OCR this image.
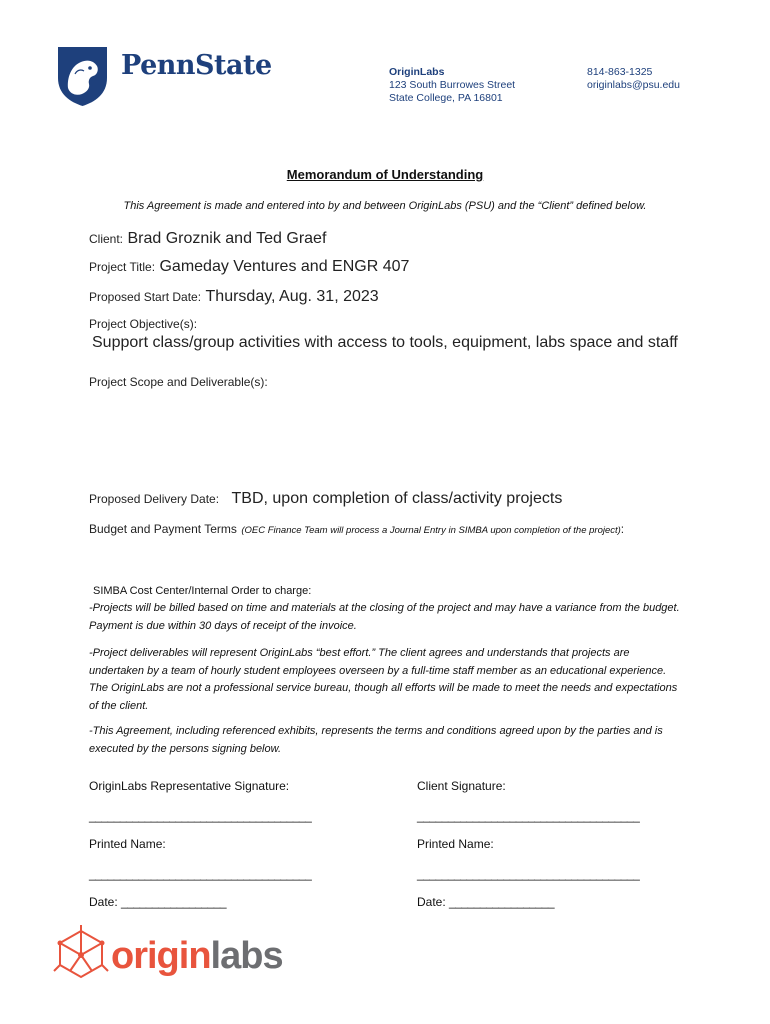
PennState	OriginLabs
123 South Burrowes Street
State College, PA 16801
814-863-1325
originlabs@psu.edu
Memorandum of Understanding
This Agreement is made and entered into by and between OriginLabs (PSU) and the “Client” defined below.
Client: Brad Groznik and Ted Graef
Project Title: Gameday Ventures and ENGR 407
Proposed Start Date: Thursday, Aug. 31, 2023
Project Objective(s):
Support class/group activities with access to tools, equipment, labs space and staff
Project Scope and Deliverable(s):
Proposed Delivery Date: TBD, upon completion of class/activity projects
Budget and Payment Terms (OEC Finance Team will process a Journal Entry in SIMBA upon completion of the project):
SIMBA Cost Center/Internal Order to charge:
-Projects will be billed based on time and materials at the closing of the project and may have a variance from the budget. Payment is due within 30 days of receipt of the invoice.
-Project deliverables will represent OriginLabs “best effort.” The client agrees and understands that projects are undertaken by a team of hourly student employees overseen by a full-time staff member as an educational experience. The OriginLabs are not a professional service bureau, though all efforts will be made to meet the needs and expectations of the client.
-This Agreement, including referenced exhibits, represents the terms and conditions agreed upon by the parties and is executed by the persons signing below.
OriginLabs Representative Signature:	Client Signature:
____________________________________	____________________________________
Printed Name:	Printed Name:
____________________________________	____________________________________
Date: _________________	Date: _________________
originlabs
